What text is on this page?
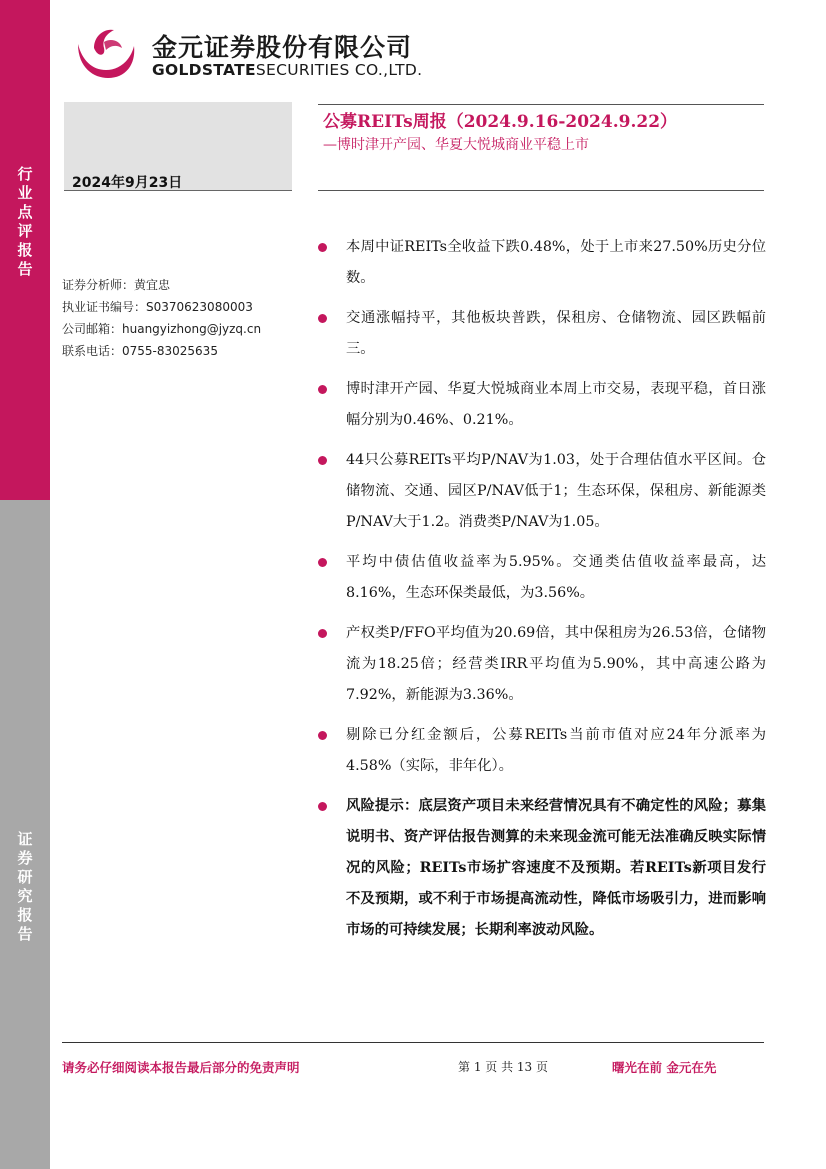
行
业
点
评
报
告
证
券
研
究
报
告
金元证券股份有限公司
GOLDSTATESECURITIES CO.,LTD.
2024年9月23日
公募REITs周报（2024.9.16-2024.9.22）
—博时津开产园、华夏大悦城商业平稳上市
证券分析师：黄宜忠
执业证书编号：S0370623080003
公司邮箱：huangyizhong@jyzq.cn
联系电话：0755-83025635
本周中证REITs全收益下跌0.48%，处于上市来27.50%历史分位数。
交通涨幅持平，其他板块普跌，保租房、仓储物流、园区跌幅前三。
博时津开产园、华夏大悦城商业本周上市交易，表现平稳，首日涨幅分别为0.46%、0.21%。
44只公募REITs平均P/NAV为1.03，处于合理估值水平区间。仓储物流、交通、园区P/NAV低于1；生态环保，保租房、新能源类P/NAV大于1.2。消费类P/NAV为1.05。
平均中债估值收益率为5.95%。交通类估值收益率最高，达8.16%，生态环保类最低，为3.56%。
产权类P/FFO平均值为20.69倍，其中保租房为26.53倍，仓储物流为18.25倍；经营类IRR平均值为5.90%，其中高速公路为7.92%，新能源为3.36%。
剔除已分红金额后，公募REITs当前市值对应24年分派率为4.58%（实际，非年化）。
风险提示：底层资产项目未来经营情况具有不确定性的风险；募集说明书、资产评估报告测算的未来现金流可能无法准确反映实际情况的风险；REITs市场扩容速度不及预期。若REITs新项目发行不及预期，或不利于市场提高流动性，降低市场吸引力，进而影响市场的可持续发展；长期利率波动风险。
请务必仔细阅读本报告最后部分的免责声明	第 1 页 共 13 页	曙光在前 金元在先
